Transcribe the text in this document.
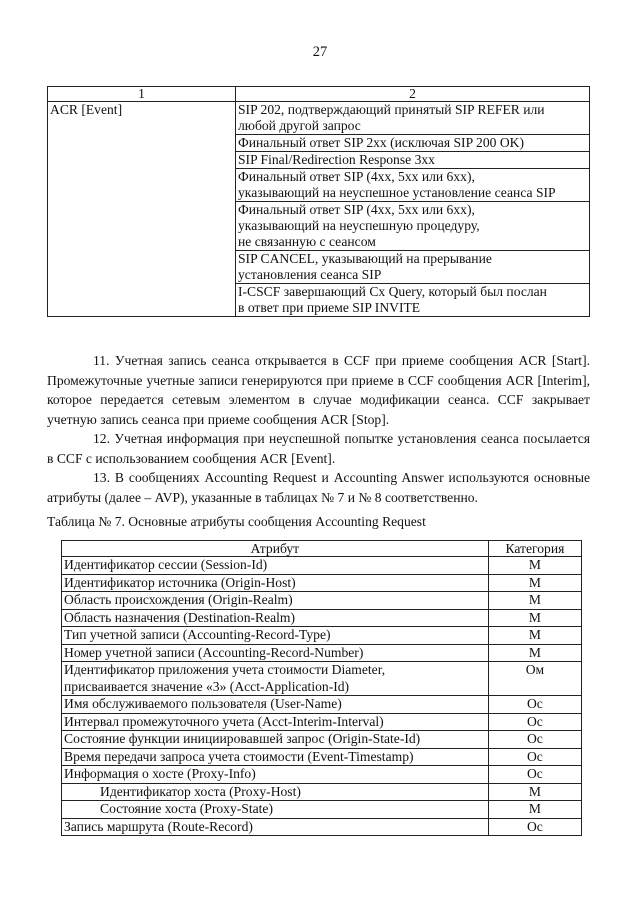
27
1	2
ACR [Event]	SIP 202, подтверждающий принятый SIP REFER или
любой другой запрос
	Финальный ответ SIP 2xx (исключая SIP 200 OK)
	SIP Final/Redirection Response 3xx
	Финальный ответ SIP (4xx, 5xx или 6xx),
указывающий на неуспешное установление сеанса SIP
	Финальный ответ SIP (4xx, 5xx или 6xx),
указывающий на неуспешную процедуру,
не связанную с сеансом
	SIP CANCEL, указывающий на прерывание
установления сеанса SIP
	I-CSCF завершающий Cx Query, который был послан
в ответ при приеме SIP INVITE

11. Учетная запись сеанса открывается в CCF при приеме сообщения ACR [Start]. Промежуточные учетные записи генерируются при приеме в CCF сообщения ACR [Interim], которое передается сетевым элементом в случае модификации сеанса. CCF закрывает учетную запись сеанса при приеме сообщения ACR [Stop].

12. Учетная информация при неуспешной попытке установления сеанса посылается в CCF с использованием сообщения ACR [Event].

13. В сообщениях Accounting Request и Accounting Answer используются основные атрибуты (далее – AVP), указанные в таблицах № 7 и № 8 соответственно.

Таблица № 7. Основные атрибуты сообщения Accounting Request
Атрибут	Категория
Идентификатор сессии (Session-Id)	M
Идентификатор источника (Origin-Host)	M
Область происхождения (Origin-Realm)	M
Область назначения (Destination-Realm)	M
Тип учетной записи (Accounting-Record-Type)	M
Номер учетной записи (Accounting-Record-Number)	M
Идентификатор приложения учета стоимости Diameter,
присваивается значение «3» (Acct-Application-Id)	Ом
Имя обслуживаемого пользователя (User-Name)	Ос
Интервал промежуточного учета (Acct-Interim-Interval)	Ос
Состояние функции инициировавшей запрос (Origin-State-Id)	Ос
Время передачи запроса учета стоимости (Event-Timestamp)	Ос
Информация о хосте (Proxy-Info)	Ос
Идентификатор хоста (Proxy-Host)	M
Состояние хоста (Proxy-State)	M
Запись маршрута (Route-Record)	Ос
